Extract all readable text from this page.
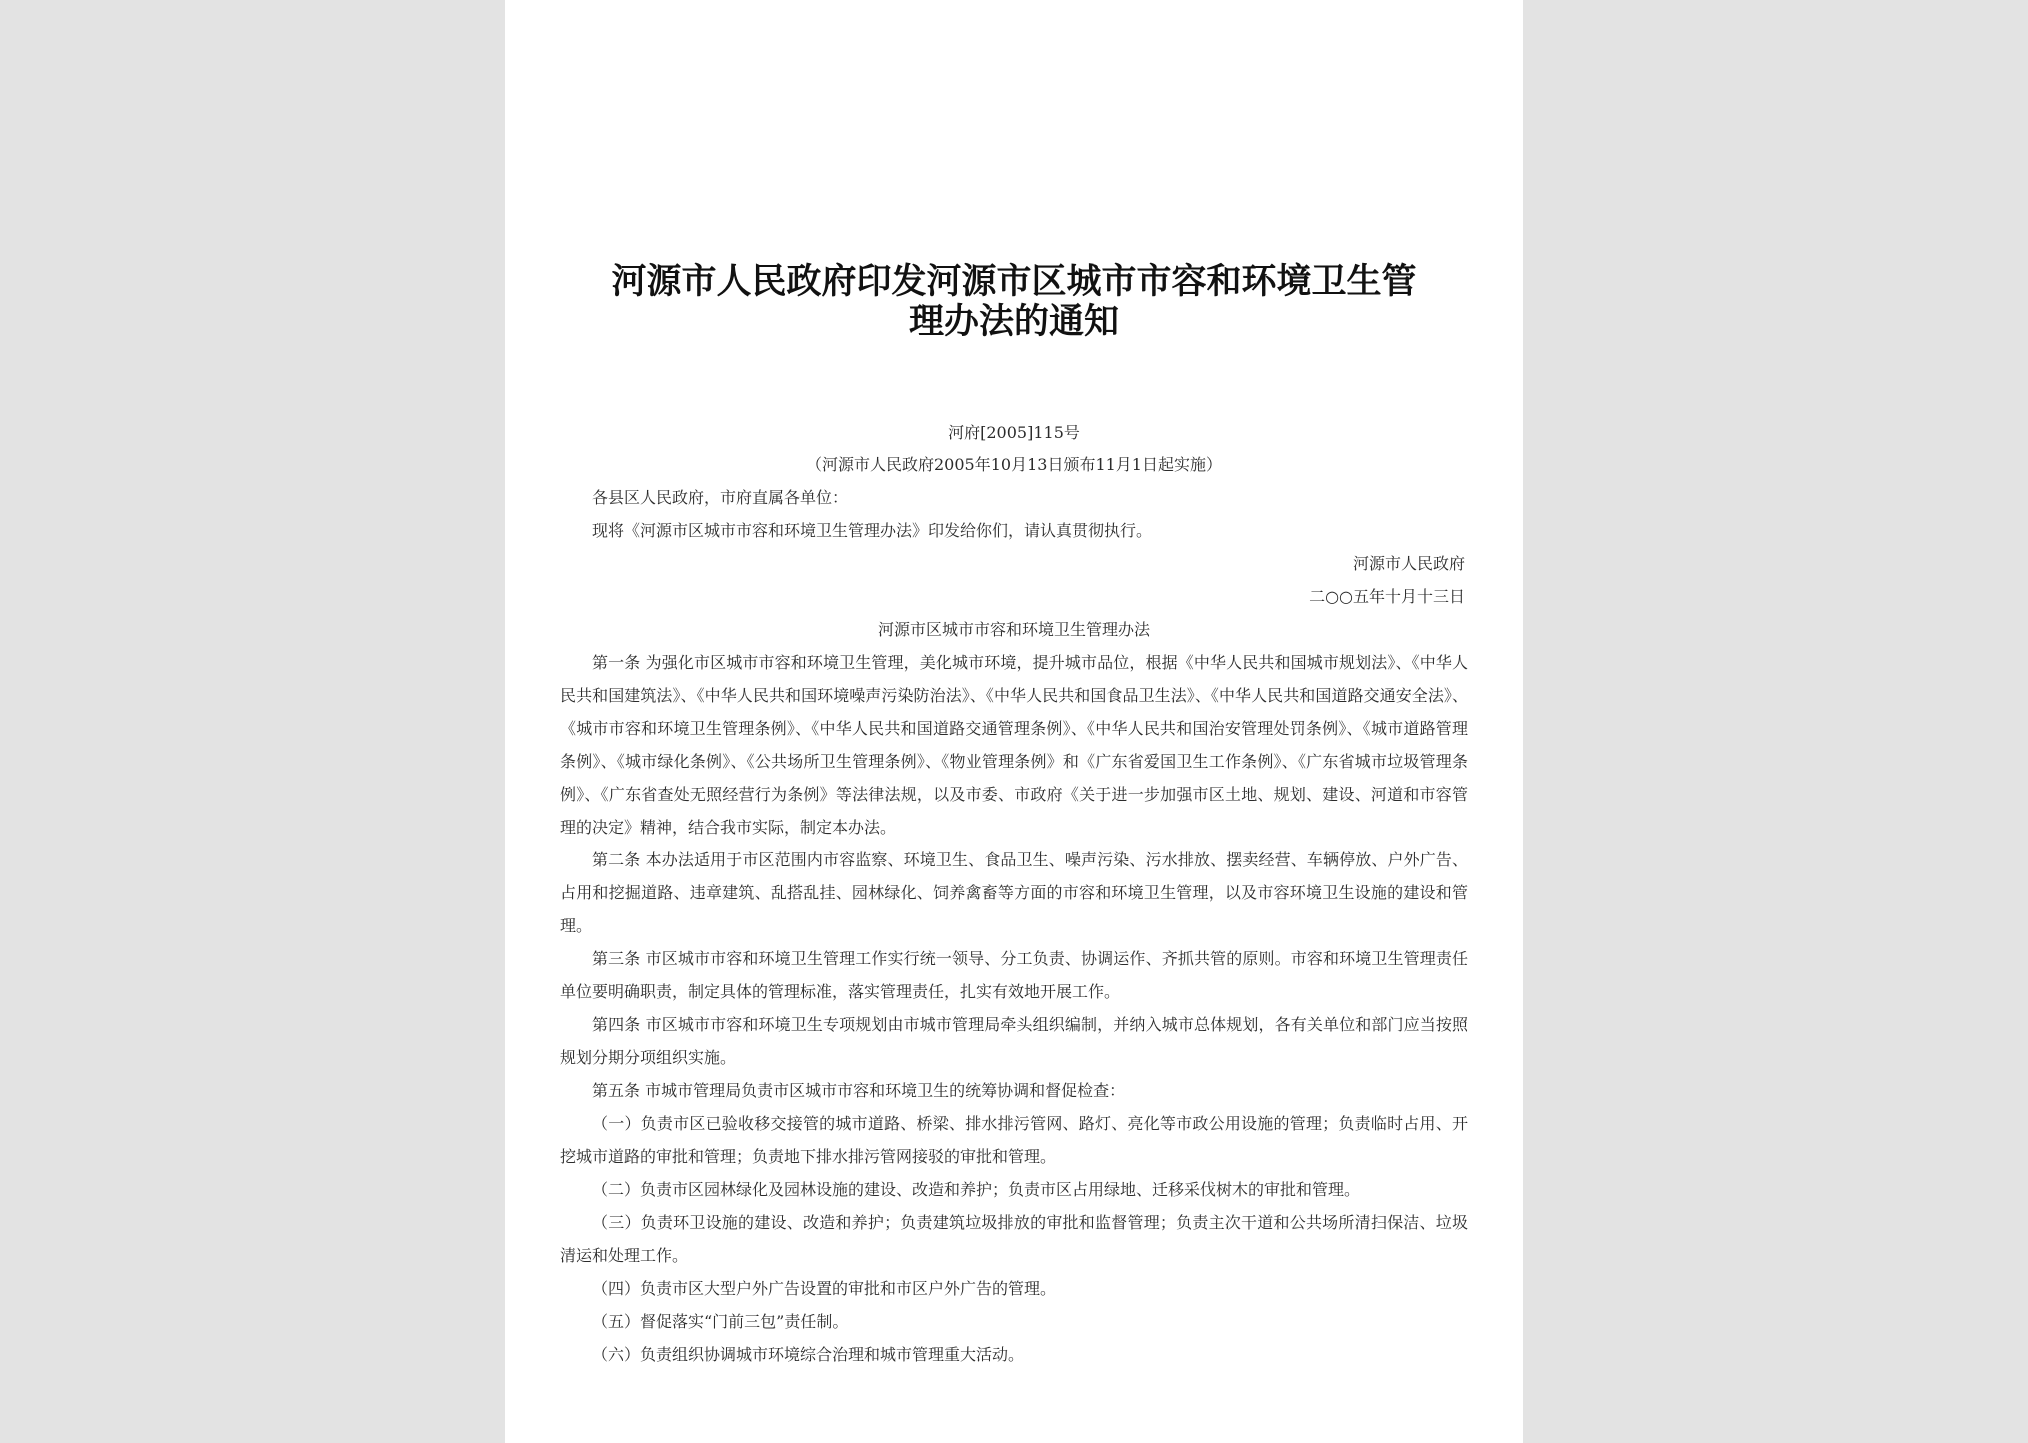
河源市人民政府印发河源市区城市市容和环境卫生管
理办法的通知
河府[2005]115号
（河源市人民政府2005年10月13日颁布11月1日起实施）
各县区人民政府，市府直属各单位：
现将《河源市区城市市容和环境卫生管理办法》印发给你们，请认真贯彻执行。
河源市人民政府
二○○五年十月十三日
河源市区城市市容和环境卫生管理办法
第一条 为强化市区城市市容和环境卫生管理，美化城市环境，提升城市品位，根据《中华人民共和国城市规划法》、《中华人民共和国建筑法》、《中华人民共和国环境噪声污染防治法》、《中华人民共和国食品卫生法》、《中华人民共和国道路交通安全法》、《城市市容和环境卫生管理条例》、《中华人民共和国道路交通管理条例》、《中华人民共和国治安管理处罚条例》、《城市道路管理条例》、《城市绿化条例》、《公共场所卫生管理条例》、《物业管理条例》和《广东省爱国卫生工作条例》、《广东省城市垃圾管理条例》、《广东省查处无照经营行为条例》等法律法规，以及市委、市政府《关于进一步加强市区土地、规划、建设、河道和市容管理的决定》精神，结合我市实际，制定本办法。
第二条 本办法适用于市区范围内市容监察、环境卫生、食品卫生、噪声污染、污水排放、摆卖经营、车辆停放、户外广告、占用和挖掘道路、违章建筑、乱搭乱挂、园林绿化、饲养禽畜等方面的市容和环境卫生管理，以及市容环境卫生设施的建设和管理。
第三条 市区城市市容和环境卫生管理工作实行统一领导、分工负责、协调运作、齐抓共管的原则。市容和环境卫生管理责任单位要明确职责，制定具体的管理标准，落实管理责任，扎实有效地开展工作。
第四条 市区城市市容和环境卫生专项规划由市城市管理局牵头组织编制，并纳入城市总体规划，各有关单位和部门应当按照规划分期分项组织实施。
第五条 市城市管理局负责市区城市市容和环境卫生的统筹协调和督促检查：
（一）负责市区已验收移交接管的城市道路、桥梁、排水排污管网、路灯、亮化等市政公用设施的管理；负责临时占用、开挖城市道路的审批和管理；负责地下排水排污管网接驳的审批和管理。
（二）负责市区园林绿化及园林设施的建设、改造和养护；负责市区占用绿地、迁移采伐树木的审批和管理。
（三）负责环卫设施的建设、改造和养护；负责建筑垃圾排放的审批和监督管理；负责主次干道和公共场所清扫保洁、垃圾清运和处理工作。
（四）负责市区大型户外广告设置的审批和市区户外广告的管理。
（五）督促落实“门前三包”责任制。
（六）负责组织协调城市环境综合治理和城市管理重大活动。
